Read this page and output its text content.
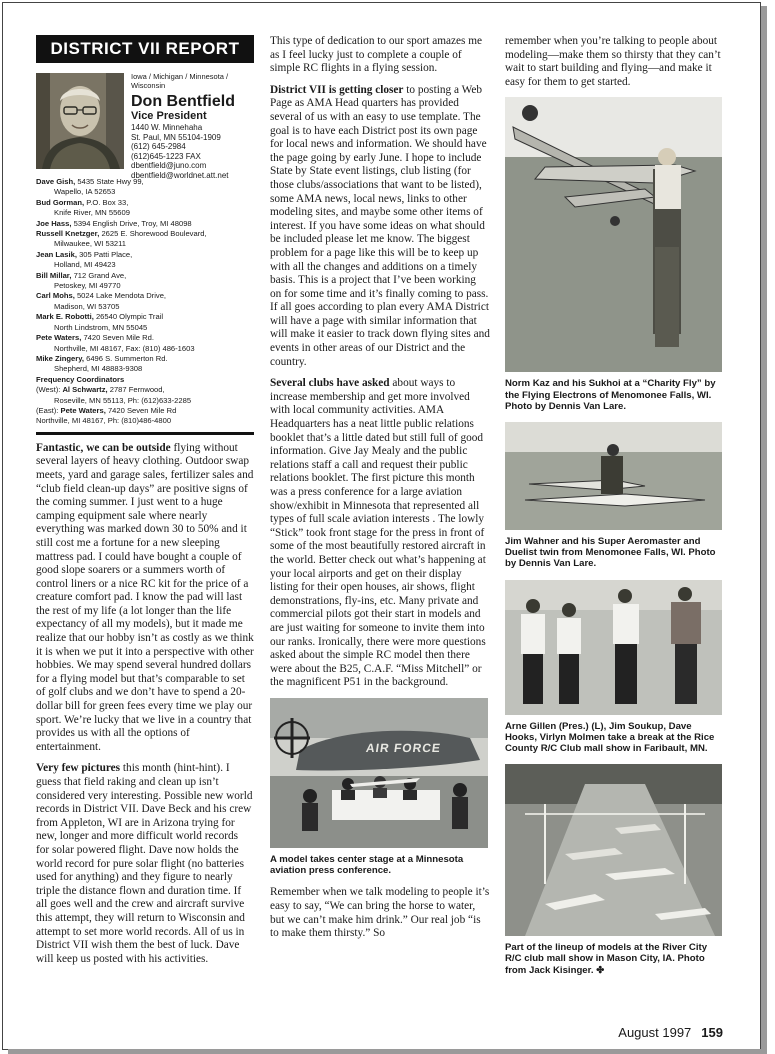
DISTRICT VII REPORT
Iowa / Michigan / Minnesota / Wisconsin
Don Bentfield
Vice President
1440 W. Minnehaha
St. Paul, MN 55104-1909
(612) 645-2984
(612)645-1223 FAX
dbentfield@juno.com
dbentfield@worldnet.att.net
Dave Gish, 5435 State Hwy 99,
Wapello, IA 52653
Bud Gorman, P.O. Box 33,
Knife River, MN 55609
Joe Hass, 5394 English Drive, Troy, MI 48098
Russell Knetzger, 2625 E. Shorewood Boulevard,
Milwaukee, WI 53211
Jean Lasik, 305 Patti Place,
Holland, MI 49423
Bill Millar, 712 Grand Ave,
Petoskey, MI 49770
Carl Mohs, 5024 Lake Mendota Drive,
Madison, WI 53705
Mark E. Robotti, 26540 Olympic Trail
North Lindstrom, MN 55045
Pete Waters, 7420 Seven Mile Rd.
Northville, MI 48167, Fax: (810) 486-1603
Mike Zingery, 6496 S. Summerton Rd.
Shepherd, MI 48883-9308
Frequency Coordinators
(West): Al Schwartz, 2787 Fernwood,
Roseville, MN 55113, Ph: (612)633-2285
(East): Pete Waters, 7420 Seven Mile Rd
Northville, MI 48167, Ph: (810)486-4800

Fantastic, we can be outside flying without several layers of heavy clothing. Outdoor swap meets, yard and garage sales, fertilizer sales and “club field clean-up days” are positive signs of the coming summer. I just went to a huge camping equipment sale where nearly everything was marked down 30 to 50% and it still cost me a fortune for a new sleeping mattress pad. I could have bought a couple of good slope soarers or a summers worth of control liners or a nice RC kit for the price of a creature comfort pad. I know the pad will last the rest of my life (a lot longer than the life expectancy of all my models), but it made me realize that our hobby isn’t as costly as we think it is when we put it into a perspective with other hobbies. We may spend several hundred dollars for a flying model but that’s comparable to set of golf clubs and we don’t have to spend a 20-dollar bill for green fees every time we play our sport. We’re lucky that we live in a country that provides us with all the options of entertainment.

Very few pictures this month (hint-hint). I guess that field raking and clean up isn’t considered very interesting. Possible new world records in District VII. Dave Beck and his crew from Appleton, WI are in Arizona trying for new, longer and more difficult world records for solar powered flight. Dave now holds the world record for pure solar flight (no batteries used for anything) and they figure to nearly triple the distance flown and duration time. If all goes well and the crew and aircraft survive this attempt, they will return to Wisconsin and attempt to set more world records. All of us in District VII wish them the best of luck. Dave will keep us posted with his activities.

This type of dedication to our sport amazes me as I feel lucky just to complete a couple of simple RC flights in a flying session.

District VII is getting closer to posting a Web Page as AMA Head quarters has provided several of us with an easy to use template. The goal is to have each District post its own page for local news and information. We should have the page going by early June. I hope to include State by State event listings, club listing (for those clubs/associations that want to be listed), some AMA news, local news, links to other modeling sites, and maybe some other items of interest. If you have some ideas on what should be included please let me know. The biggest problem for a page like this will be to keep up with all the changes and additions on a timely basis. This is a project that I’ve been working on for some time and it’s finally coming to pass. If all goes according to plan every AMA District will have a page with similar information that will make it easier to track down flying sites and events in other areas of our District and the country.

Several clubs have asked about ways to increase membership and get more involved with local community activities. AMA Headquarters has a neat little public relations booklet that’s a little dated but still full of good information. Give Jay Mealy and the public relations staff a call and request their public relations booklet. The first picture this month was a press conference for a large aviation show/exhibit in Minnesota that represented all types of full scale aviation interests . The lowly “Stick” took front stage for the press in front of some of the most beautifully restored aircraft in the world. Better check out what’s happening at your local airports and get on their display listing for their open houses, air shows, flight demonstrations, fly-ins, etc. Many private and commercial pilots got their start in models and are just waiting for someone to invite them into our ranks. Ironically, there were more questions asked about the simple RC model then there were about the B25, C.A.F. “Miss Mitchell” or the magnificent P51 in the background.

AIR FORCE
A model takes center stage at a Minnesota aviation press conference.

Remember when we talk modeling to people it’s easy to say, “We can bring the horse to water, but we can’t make him drink.” Our real job “is to make them thirsty.” So

remember when you’re talking to people about modeling—make them so thirsty that they can’t wait to start building and flying—and make it easy for them to get started.

Norm Kaz and his Sukhoi at a “Charity Fly” by the Flying Electrons of Menomonee Falls, WI. Photo by Dennis Van Lare.
Jim Wahner and his Super Aeromaster and Duelist twin from Menomonee Falls, WI. Photo by Dennis Van Lare.
Arne Gillen (Pres.) (L), Jim Soukup, Dave Hooks, Virlyn Molmen take a break at the Rice County R/C Club mall show in Faribault, MN.
Part of the lineup of models at the River City R/C club mall show in Mason City, IA. Photo from Jack Kisinger. ✤
August 1997 159
